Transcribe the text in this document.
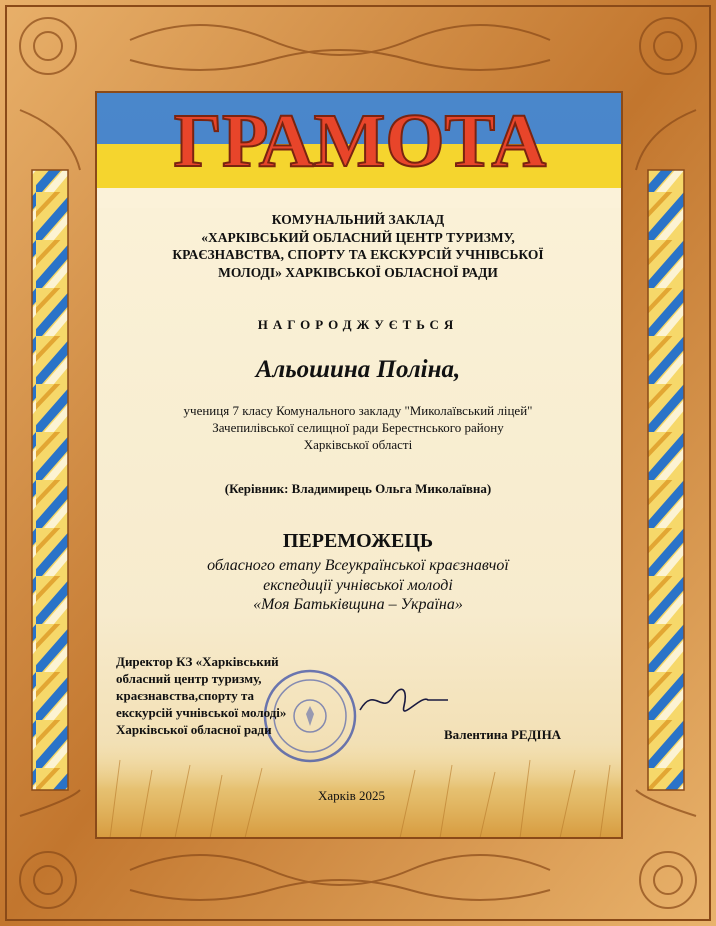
ГРАМОТА
КОМУНАЛЬНИЙ ЗАКЛАД
«ХАРКІВСЬКИЙ ОБЛАСНИЙ ЦЕНТР ТУРИЗМУ,
КРАЄЗНАВСТВА, СПОРТУ ТА ЕКСКУРСІЙ УЧНІВСЬКОЇ
МОЛОДІ» ХАРКІВСЬКОЇ ОБЛАСНОЇ РАДИ
НАГОРОДЖУЄТЬСЯ
Альошина Поліна,
учениця 7 класу Комунального закладу "Миколаївський ліцей"
Зачепилівської селищної ради Берестнського району
Харківської області
(Керівник: Владимирець Ольга Миколаївна)
ПЕРЕМОЖЕЦЬ
обласного етапу Всеукраїнської краєзнавчої
експедиції учнівської молоді
«Моя Батьківщина – Україна»
Директор КЗ «Харківський
обласний центр туризму,
краєзнавства,спорту та
екскурсій учнівської молоді»
Харківської обласної ради	Валентина РЕДІНА
Харків 2025
